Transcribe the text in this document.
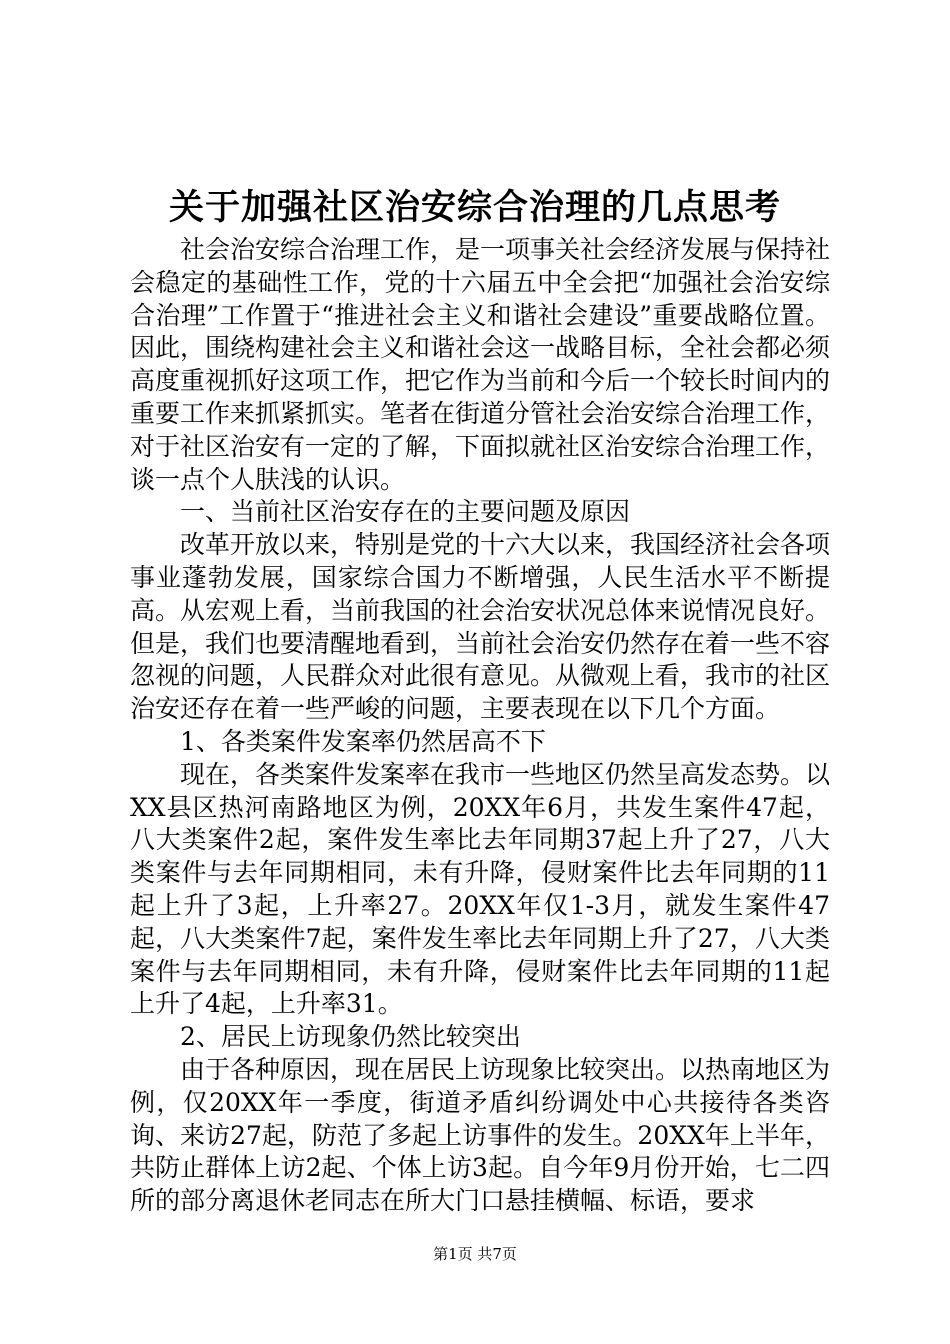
关于加强社区治安综合治理的几点思考

社会治安综合治理工作，是一项事关社会经济发展与保持社会稳定的基础性工作，党的十六届五中全会把“加强社会治安综合治理”工作置于“推进社会主义和谐社会建设”重要战略位置。因此，围绕构建社会主义和谐社会这一战略目标，全社会都必须高度重视抓好这项工作，把它作为当前和今后一个较长时间内的重要工作来抓紧抓实。笔者在街道分管社会治安综合治理工作，对于社区治安有一定的了解，下面拟就社区治安综合治理工作，谈一点个人肤浅的认识。

一、当前社区治安存在的主要问题及原因

改革开放以来，特别是党的十六大以来，我国经济社会各项事业蓬勃发展，国家综合国力不断增强，人民生活水平不断提高。从宏观上看，当前我国的社会治安状况总体来说情况良好。但是，我们也要清醒地看到，当前社会治安仍然存在着一些不容忽视的问题，人民群众对此很有意见。从微观上看，我市的社区治安还存在着一些严峻的问题，主要表现在以下几个方面。

1、各类案件发案率仍然居高不下

现在，各类案件发案率在我市一些地区仍然呈高发态势。以XX县区热河南路地区为例，20XX年6月，共发生案件47起，八大类案件2起，案件发生率比去年同期37起上升了27，八大类案件与去年同期相同，未有升降，侵财案件比去年同期的11起上升了3起，上升率27。20XX年仅1-3月，就发生案件47起，八大类案件7起，案件发生率比去年同期上升了27，八大类案件与去年同期相同，未有升降，侵财案件比去年同期的11起上升了4起，上升率31。

2、居民上访现象仍然比较突出

由于各种原因，现在居民上访现象比较突出。以热南地区为例，仅20XX年一季度，街道矛盾纠纷调处中心共接待各类咨询、来访27起，防范了多起上访事件的发生。20XX年上半年，共防止群体上访2起、个体上访3起。自今年9月份开始，七二四所的部分离退休老同志在所大门口悬挂横幅、标语，要求

第1页 共7页
